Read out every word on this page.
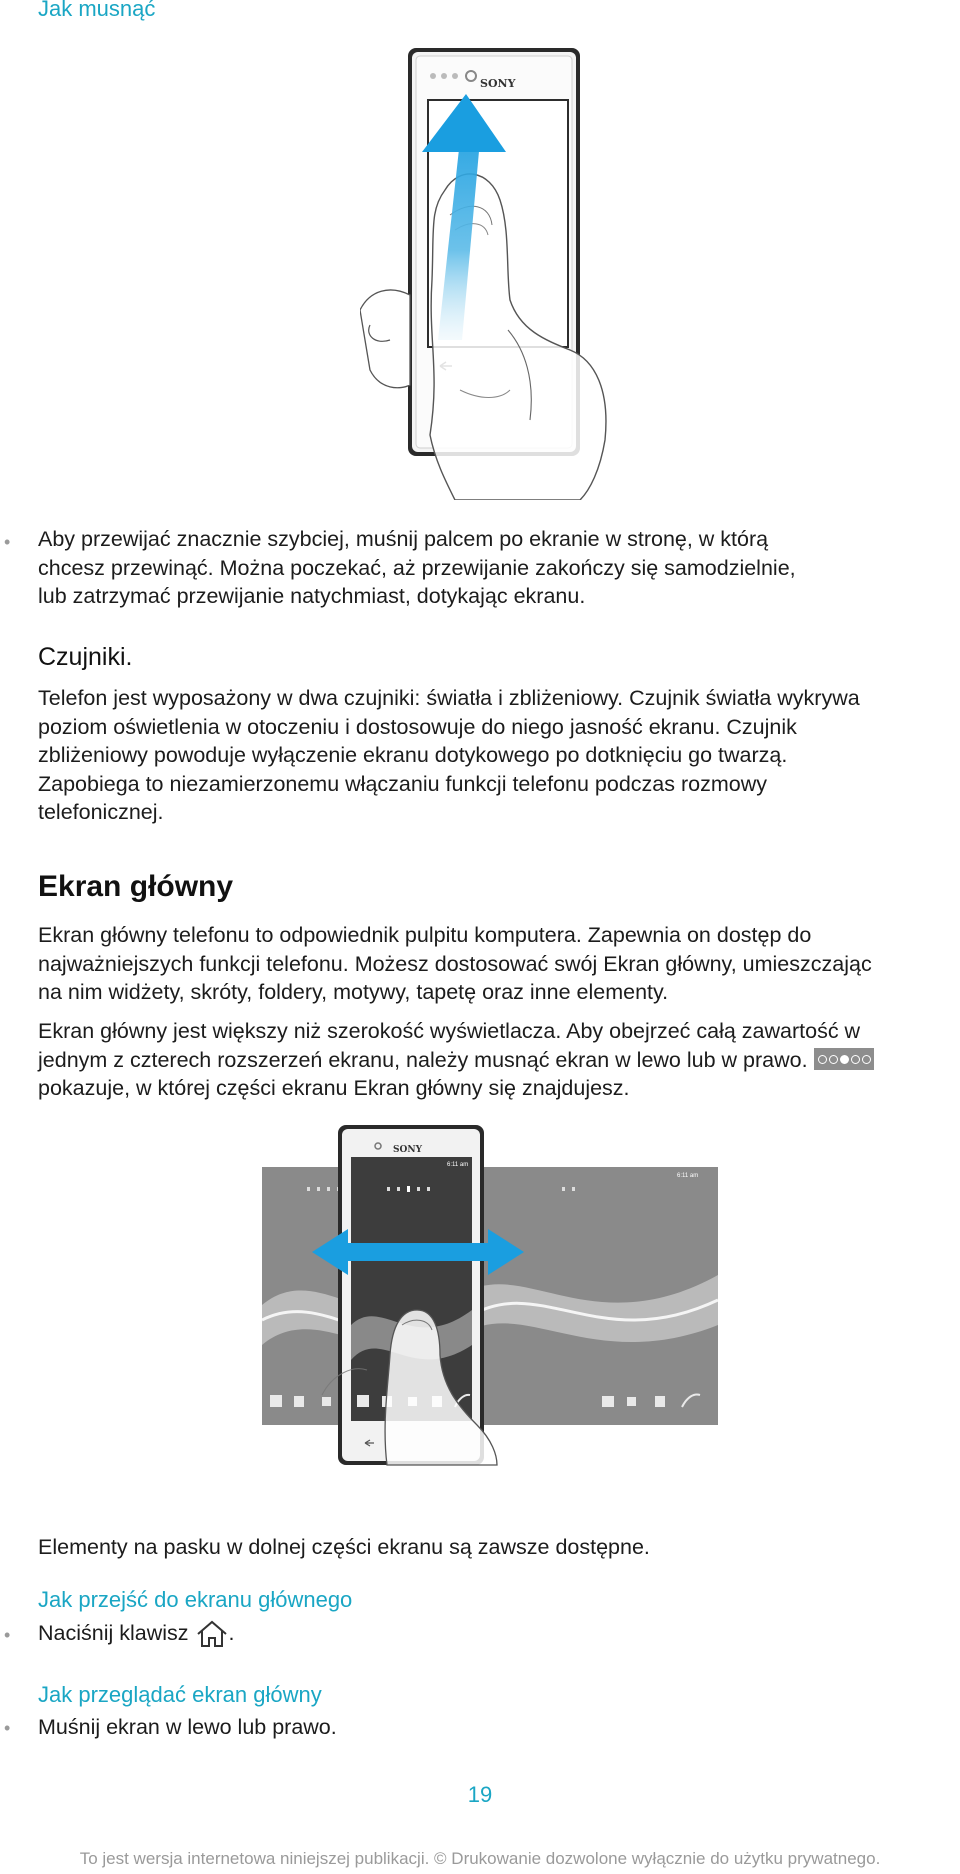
Jak musnąć
SONY
• Aby przewijać znacznie szybciej, muśnij palcem po ekranie w stronę, w którą
chcesz przewinąć. Można poczekać, aż przewijanie zakończy się samodzielnie,
lub zatrzymać przewijanie natychmiast, dotykając ekranu.
Czujniki.
Telefon jest wyposażony w dwa czujniki: światła i zbliżeniowy. Czujnik światła wykrywa
poziom oświetlenia w otoczeniu i dostosowuje do niego jasność ekranu. Czujnik
zbliżeniowy powoduje wyłączenie ekranu dotykowego po dotknięciu go twarzą.
Zapobiega to niezamierzonemu włączaniu funkcji telefonu podczas rozmowy
telefonicznej.
Ekran główny
Ekran główny telefonu to odpowiednik pulpitu komputera. Zapewnia on dostęp do
najważniejszych funkcji telefonu. Możesz dostosować swój Ekran główny, umieszczając
na nim widżety, skróty, foldery, motywy, tapetę oraz inne elementy.
Ekran główny jest większy niż szerokość wyświetlacza. Aby obejrzeć całą zawartość w
jednym z czterech rozszerzeń ekranu, należy musnąć ekran w lewo lub w prawo.
pokazuje, w której części ekranu Ekran główny się znajdujesz.
6:11 am
SONY
6:11 am
Elementy na pasku w dolnej części ekranu są zawsze dostępne.
Jak przejść do ekranu głównego
• Naciśnij klawisz .
Jak przeglądać ekran główny
• Muśnij ekran w lewo lub prawo.
19
To jest wersja internetowa niniejszej publikacji. © Drukowanie dozwolone wyłącznie do użytku prywatnego.
